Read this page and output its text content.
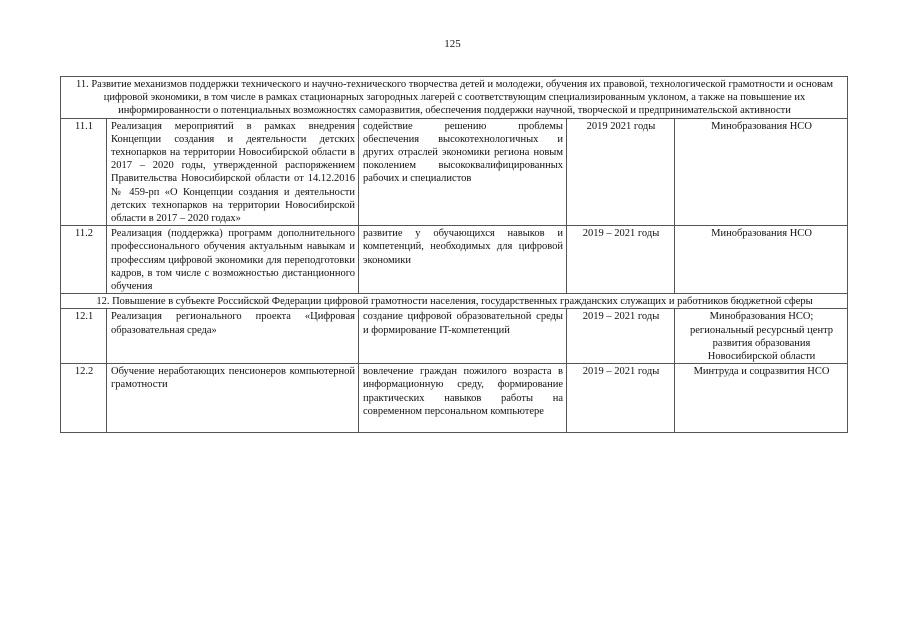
125
11. Развитие механизмов поддержки технического и научно-технического творчества детей и молодежи, обучения их правовой, технологической грамотности и основам цифровой экономики, в том числе в рамках стационарных загородных лагерей с соответствующим специализированным уклоном, а также на повышение их информированности о потенциальных возможностях саморазвития, обеспечения поддержки научной, творческой и предпринимательской активности				
11.1	Реализация мероприятий в рамках внедрения Концепции создания и деятельности детских технопарков на территории Новосибирской области в 2017 – 2020 годы, утвержденной распоряжением Правительства Новосибирской области от 14.12.2016 № 459-рп «О Концепции создания и деятельности детских технопарков на территории Новосибирской области в 2017 – 2020 годах»	содействие решению проблемы обеспечения высокотехнологичных и других отраслей экономики региона новым поколением высококвалифицированных рабочих и специалистов	2019 2021 годы	Минобразования НСО
11.2	Реализация (поддержка) программ дополнительного профессионального обучения актуальным навыкам и профессиям цифровой экономики для переподготовки кадров, в том числе с возможностью дистанционного обучения	развитие у обучающихся навыков и компетенций, необходимых для цифровой экономики	2019 – 2021 годы	Минобразования НСО
12. Повышение в субъекте Российской Федерации цифровой грамотности населения, государственных гражданских служащих и работников бюджетной сферы				
12.1	Реализация регионального проекта «Цифровая образовательная среда»	создание цифровой образовательной среды и формирование IT-компетенций	2019 – 2021 годы	Минобразования НСО; региональный ресурсный центр развития образования Новосибирской области
12.2	Обучение неработающих пенсионеров компьютерной грамотности	вовлечение граждан пожилого возраста в информационную среду, формирование практических навыков работы на современном персональном компьютере	2019 – 2021 годы	Минтруда и соцразвития НСО
